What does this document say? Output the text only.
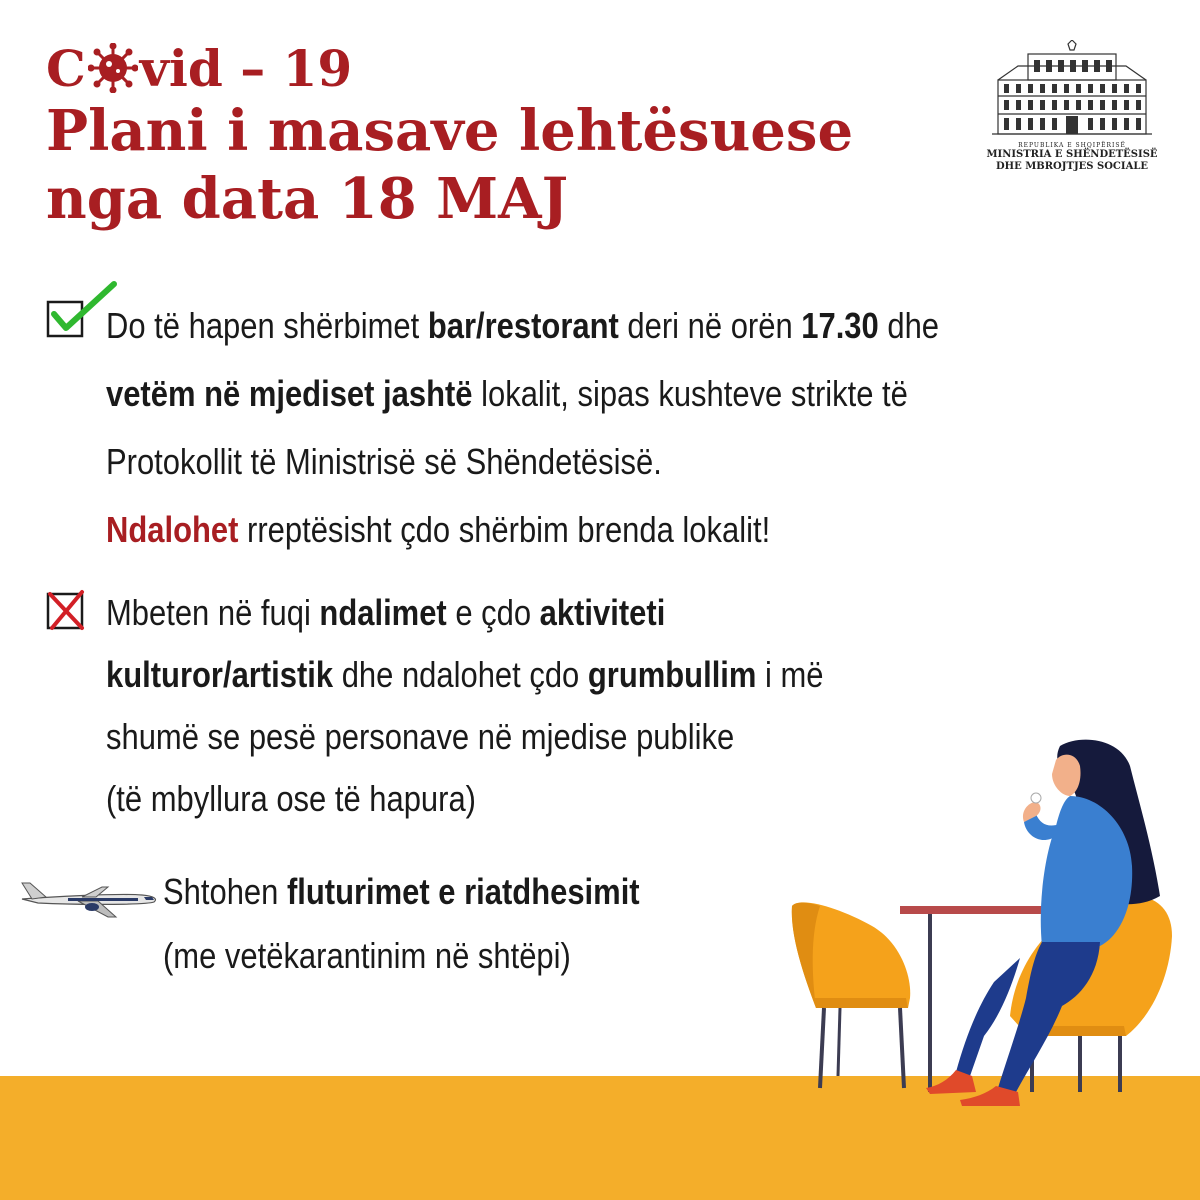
C vid – 19
Plani i masave lehtësuese
nga data 18 MAJ
REPUBLIKA E SHQIPËRISË
MINISTRIA E SHËNDETËSISË
DHE MBROJTJES SOCIALE
Do të hapen shërbimet bar/restorant deri në orën 17.30 dhe
vetëm në mjediset jashtë lokalit, sipas kushteve strikte të
Protokollit të Ministrisë së Shëndetësisë.
Ndalohet rreptësisht çdo shërbim brenda lokalit!
Mbeten në fuqi ndalimet e çdo aktiviteti
kulturor/artistik dhe ndalohet çdo grumbullim i më
shumë se pesë personave në mjedise publike
(të mbyllura ose të hapura)
Shtohen fluturimet e riatdhesimit
(me vetëkarantinim në shtëpi)
